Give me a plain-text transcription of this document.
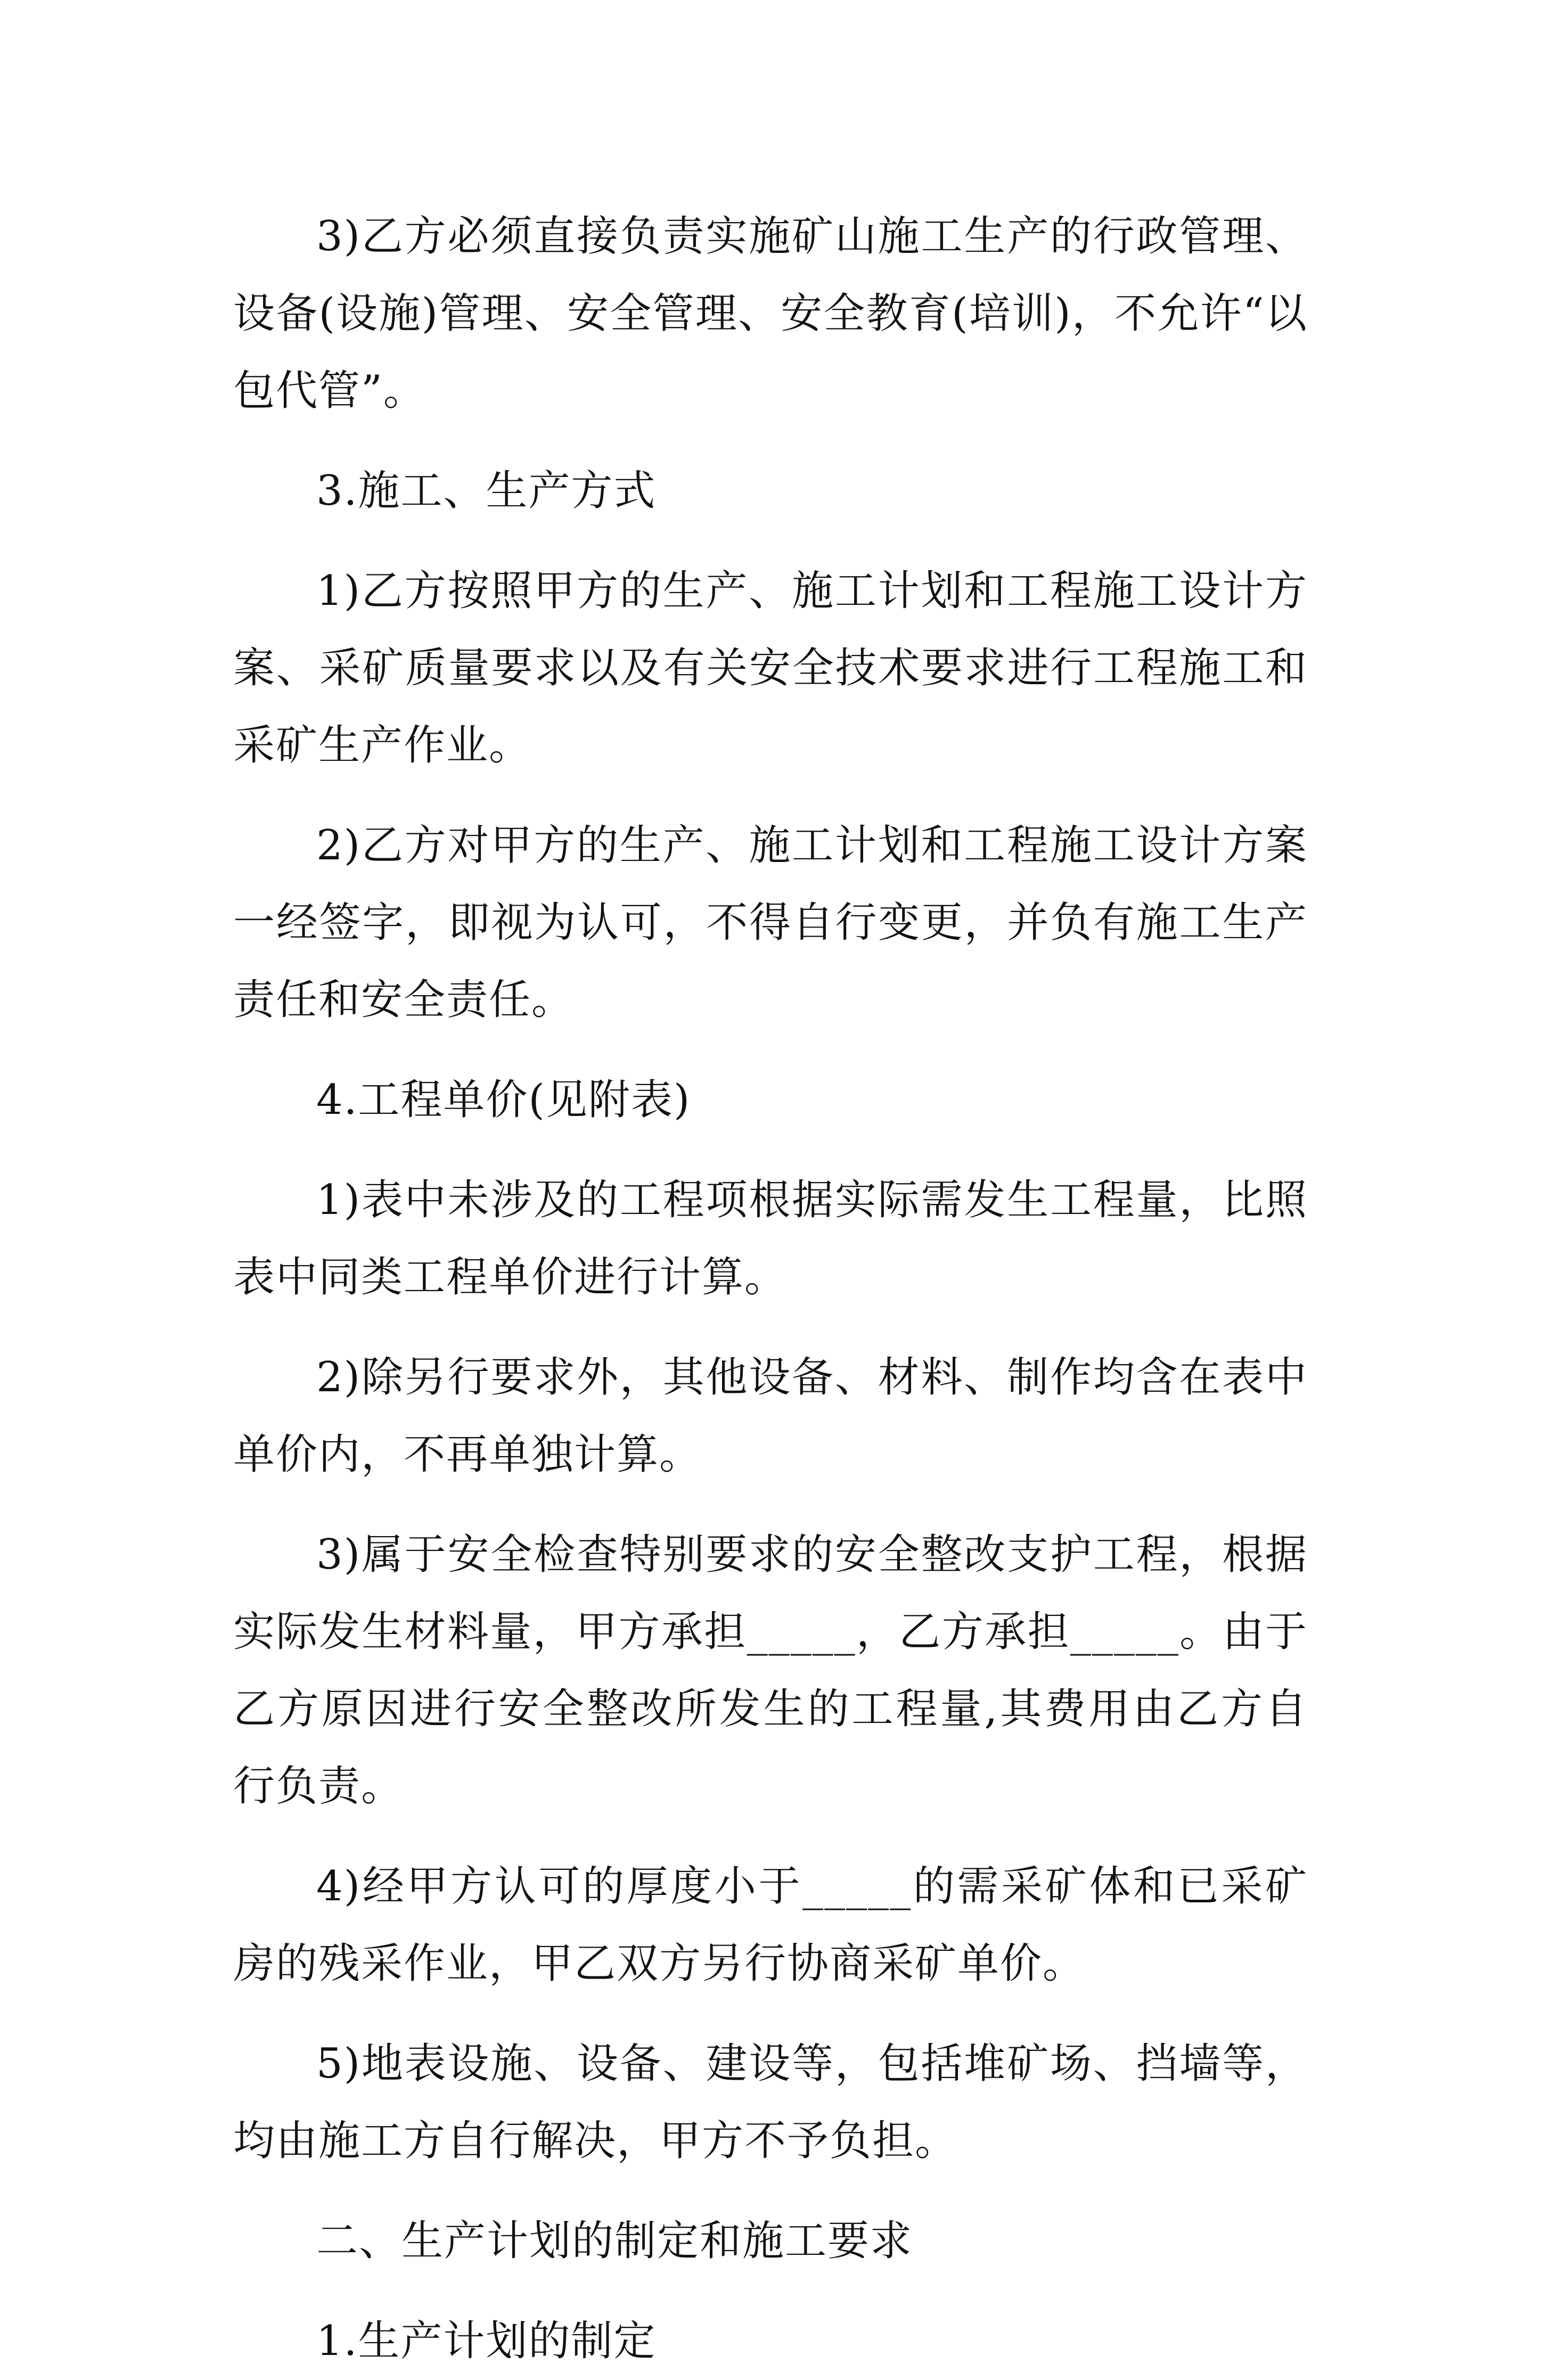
3)乙方必须直接负责实施矿山施工生产的行政管理、设备(设施)管理、安全管理、安全教育(培训)，不允许“以包代管”。

3.施工、生产方式

1)乙方按照甲方的生产、施工计划和工程施工设计方案、采矿质量要求以及有关安全技术要求进行工程施工和采矿生产作业。

2)乙方对甲方的生产、施工计划和工程施工设计方案一经签字，即视为认可，不得自行变更，并负有施工生产责任和安全责任。

4.工程单价(见附表)

1)表中未涉及的工程项根据实际需发生工程量，比照表中同类工程单价进行计算。

2)除另行要求外，其他设备、材料、制作均含在表中单价内，不再单独计算。

3)属于安全检查特别要求的安全整改支护工程，根据实际发生材料量，甲方承担_____，乙方承担_____。由于乙方原因进行安全整改所发生的工程量,其费用由乙方自行负责。

4)经甲方认可的厚度小于_____的需采矿体和已采矿房的残采作业，甲乙双方另行协商采矿单价。

5)地表设施、设备、建设等，包括堆矿场、挡墙等，均由施工方自行解决，甲方不予负担。

二、生产计划的制定和施工要求

1.生产计划的制定
